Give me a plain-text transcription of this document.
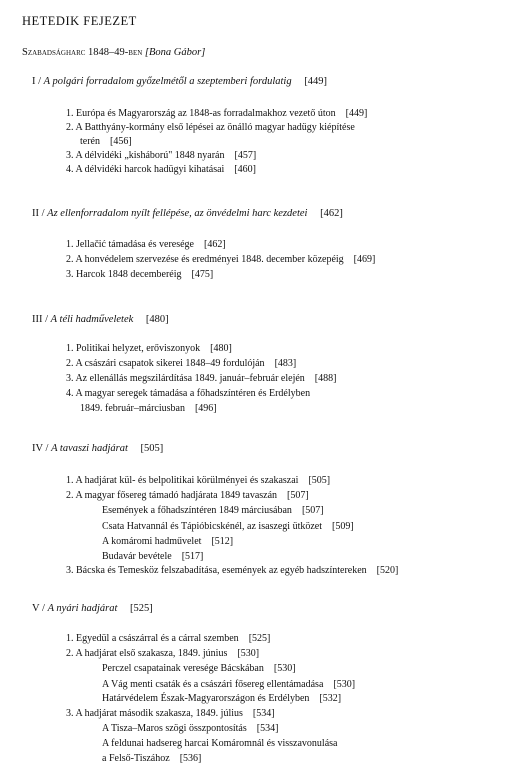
HETEDIK FEJEZET
Szabadságharc 1848–49-ben [Bona Gábor]
I / A polgári forradalom győzelmétől a szeptemberi fordulatig [449]
1. Európa és Magyarország az 1848-as forradalmakhoz vezető úton [449]
2. A Batthyány-kormány első lépései az önálló magyar hadügy kiépítése
terén [456]
3. A délvidéki „kisháború" 1848 nyarán [457]
4. A délvidéki harcok hadügyi kihatásai [460]
II / Az ellenforradalom nyílt fellépése, az önvédelmi harc kezdetei [462]
1. Jellačić támadása és veresége [462]
2. A honvédelem szervezése és eredményei 1848. december közepéig [469]
3. Harcok 1848 decemberéig [475]
III / A téli hadműveletek [480]
1. Politikai helyzet, erőviszonyok [480]
2. A császári csapatok sikerei 1848–49 fordulóján [483]
3. Az ellenállás megszilárdítása 1849. január–február elején [488]
4. A magyar seregek támadása a főhadszíntéren és Erdélyben
1849. február–márciusban [496]
IV / A tavaszi hadjárat [505]
1. A hadjárat kül- és belpolitikai körülményei és szakaszai [505]
2. A magyar fősereg támadó hadjárata 1849 tavaszán [507]
Események a főhadszíntéren 1849 márciusában [507]
Csata Hatvannál és Tápióbicskénél, az isaszegi ütközet [509]
A komáromi hadművelet [512]
Budavár bevétele [517]
3. Bácska és Temesköz felszabadítása, események az egyéb hadszíntereken [520]
V / A nyári hadjárat [525]
1. Egyedül a császárral és a cárral szemben [525]
2. A hadjárat első szakasza, 1849. június [530]
Perczel csapatainak veresége Bácskában [530]
A Vág menti csaták és a császári fősereg ellentámadása [530]
Határvédelem Észak-Magyarországon és Erdélyben [532]
3. A hadjárat második szakasza, 1849. július [534]
A Tisza–Maros szögi összpontosítás [534]
A feldunai hadsereg harcai Komáromnál és visszavonulása
a Felső-Tiszához [536]
